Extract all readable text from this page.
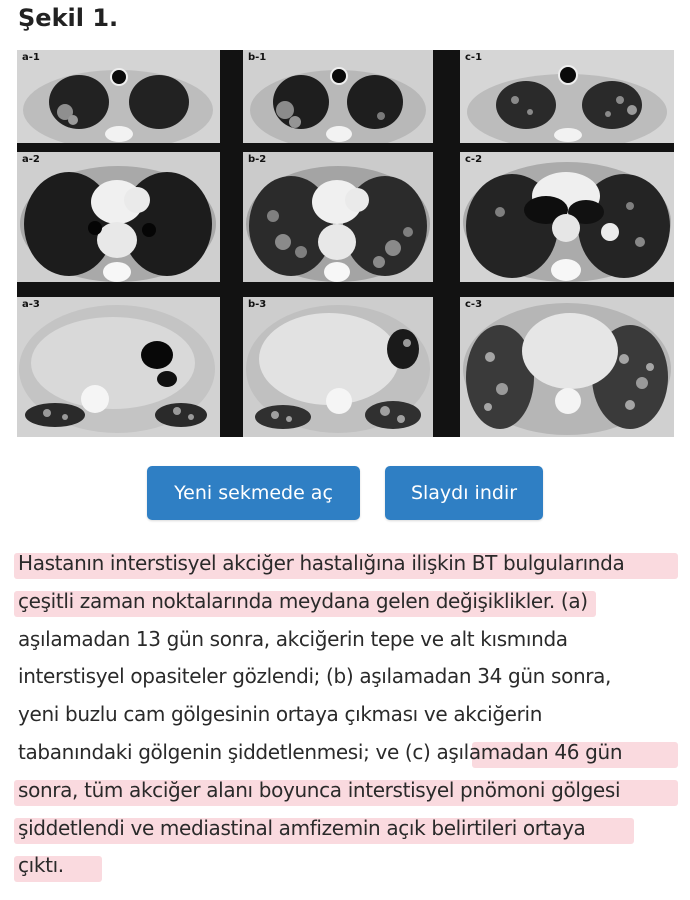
Şekil 1.
a-1	b-1	c-1
a-2	b-2	c-2
a-3	b-3	c-3
Yeni sekmede aç	Slaydı indir
Hastanın interstisyel akciğer hastalığına ilişkin BT bulgularında
çeşitli zaman noktalarında meydana gelen değişiklikler. (a)
aşılamadan 13 gün sonra, akciğerin tepe ve alt kısmında
interstisyel opasiteler gözlendi; (b) aşılamadan 34 gün sonra,
yeni buzlu cam gölgesinin ortaya çıkması ve akciğerin
tabanındaki gölgenin şiddetlenmesi; ve (c) aşılamadan 46 gün
sonra, tüm akciğer alanı boyunca interstisyel pnömoni gölgesi
şiddetlendi ve mediastinal amfizemin açık belirtileri ortaya
çıktı.
